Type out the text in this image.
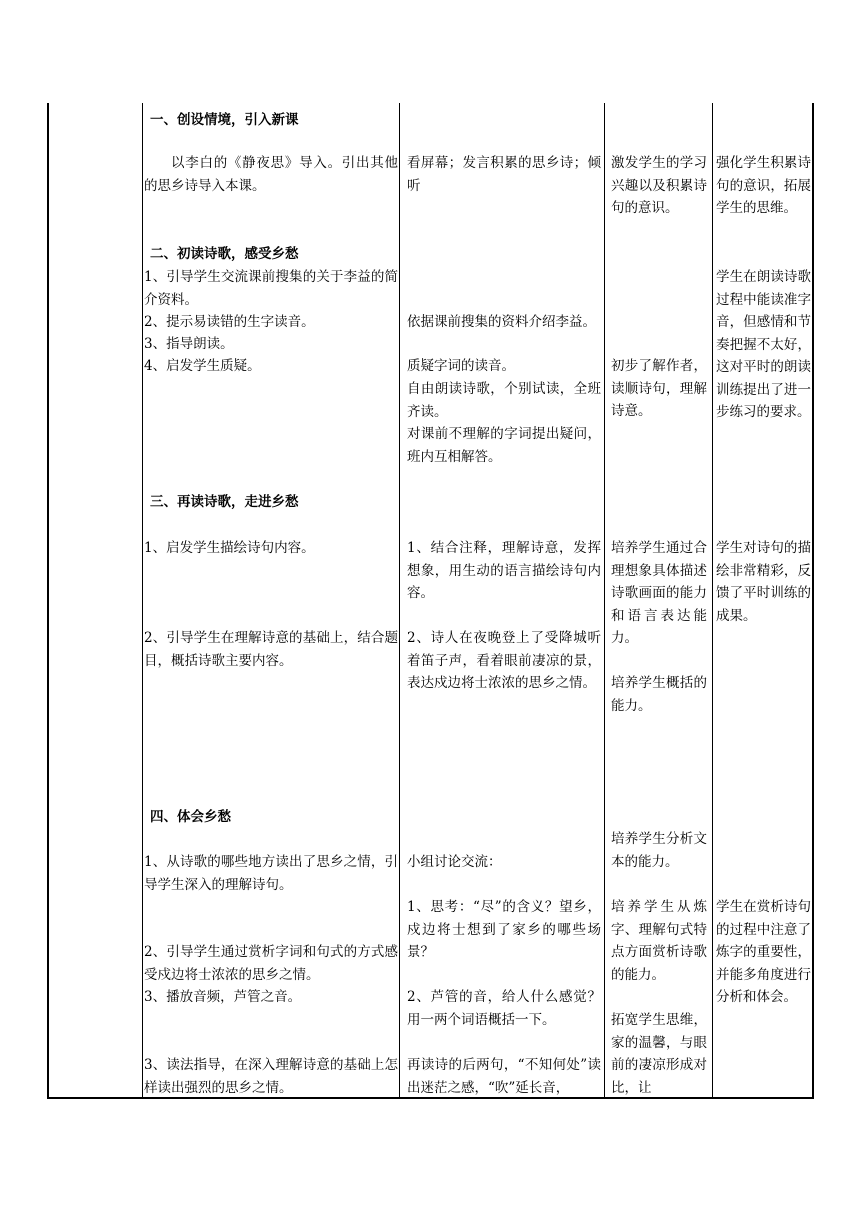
一、创设情境，引入新课
以李白的《静夜思》导入。引出其他的思乡诗导入本课。
看屏幕；发言积累的思乡诗；倾听
激发学生的学习兴趣以及积累诗句的意识。
强化学生积累诗句的意识，拓展学生的思维。
二、初读诗歌，感受乡愁
1、引导学生交流课前搜集的关于李益的简介资料。
2、提示易读错的生字读音。
3、指导朗读。
4、启发学生质疑。
依据课前搜集的资料介绍李益。
质疑字词的读音。
自由朗读诗歌，个别试读，全班齐读。
对课前不理解的字词提出疑问，班内互相解答。
初步了解作者，读顺诗句，理解诗意。
学生在朗读诗歌过程中能读准字音，但感情和节奏把握不太好，这对平时的朗读训练提出了进一步练习的要求。
三、再读诗歌，走进乡愁
1、启发学生描绘诗句内容。
2、引导学生在理解诗意的基础上，结合题目，概括诗歌主要内容。
1、结合注释，理解诗意，发挥想象，用生动的语言描绘诗句内容。
2、诗人在夜晚登上了受降城听着笛子声，看着眼前凄凉的景，表达戍边将士浓浓的思乡之情。
培养学生通过合理想象具体描述诗歌画面的能力和语言表达能力。
培养学生概括的能力。
学生对诗句的描绘非常精彩，反馈了平时训练的成果。
四、体会乡愁
1、从诗歌的哪些地方读出了思乡之情，引导学生深入的理解诗句。
2、引导学生通过赏析字词和句式的方式感受戍边将士浓浓的思乡之情。
3、播放音频，芦管之音。
3、读法指导，在深入理解诗意的基础上怎样读出强烈的思乡之情。
小组讨论交流：
1、思考：“尽”的含义？望乡，戍边将士想到了家乡的哪些场景？
2、芦管的音，给人什么感觉？用一两个词语概括一下。
再读诗的后两句，“不知何处”读出迷茫之感，“吹”延长音，
培养学生分析文本的能力。
培养学生从炼字、理解句式特点方面赏析诗歌的能力。
拓宽学生思维，家的温馨，与眼前的凄凉形成对比，让
学生在赏析诗句的过程中注意了炼字的重要性，并能多角度进行分析和体会。
